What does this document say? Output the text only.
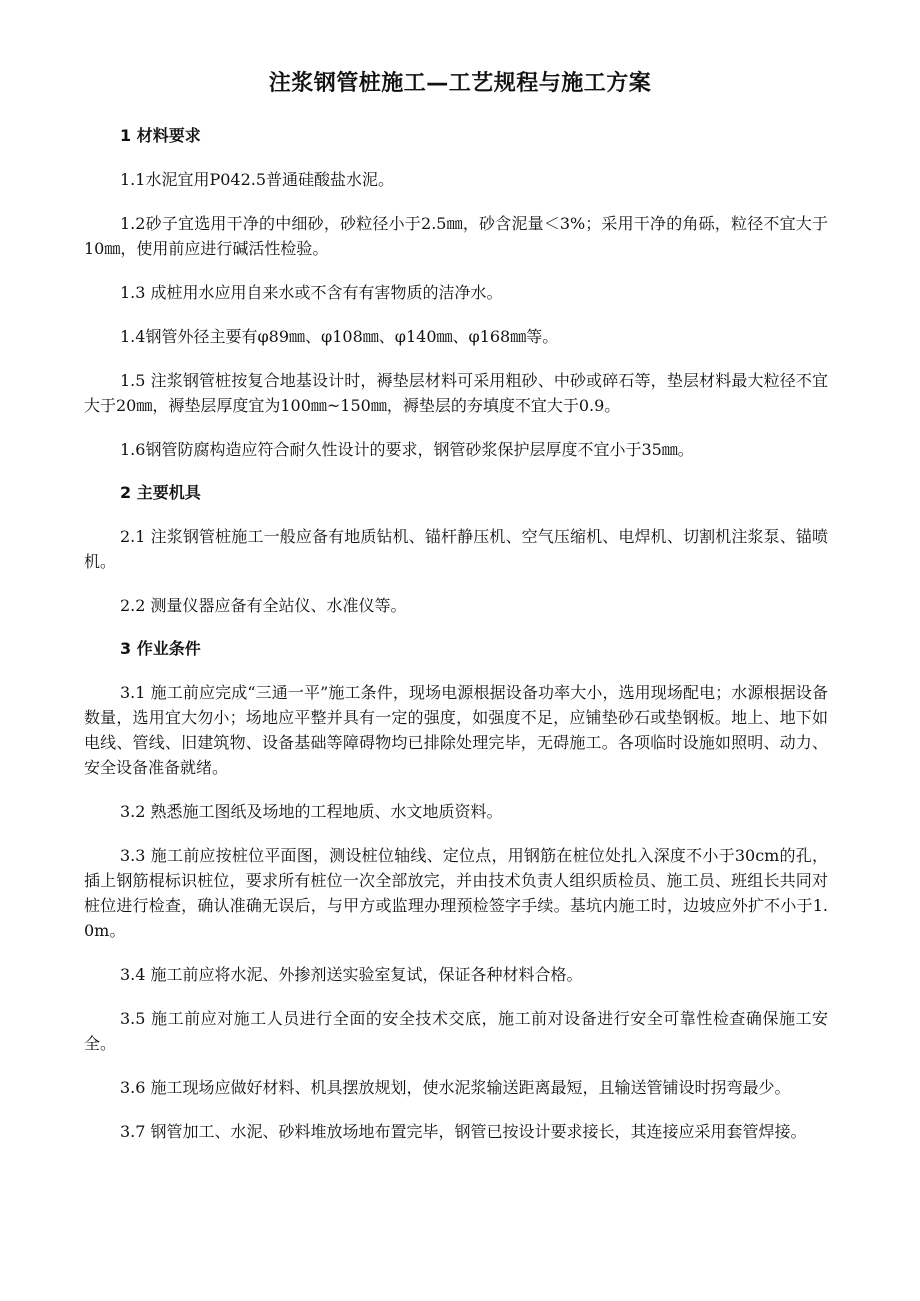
注浆钢管桩施工—工艺规程与施工方案

1 材料要求

1.1水泥宜用P042.5普通硅酸盐水泥。

1.2砂子宜选用干净的中细砂，砂粒径小于2.5㎜，砂含泥量＜3%；采用干净的角砾，粒径不宜大于10㎜，使用前应进行碱活性检验。

1.3 成桩用水应用自来水或不含有有害物质的洁净水。

1.4钢管外径主要有φ89㎜、φ108㎜、φ140㎜、φ168㎜等。

1.5 注浆钢管桩按复合地基设计时，褥垫层材料可采用粗砂、中砂或碎石等，垫层材料最大粒径不宜大于20㎜，褥垫层厚度宜为100㎜~150㎜，褥垫层的夯填度不宜大于0.9。

1.6钢管防腐构造应符合耐久性设计的要求，钢管砂浆保护层厚度不宜小于35㎜。

2 主要机具

2.1 注浆钢管桩施工一般应备有地质钻机、锚杆静压机、空气压缩机、电焊机、切割机注浆泵、锚喷机。

2.2 测量仪器应备有全站仪、水准仪等。

3 作业条件

3.1 施工前应完成“三通一平”施工条件，现场电源根据设备功率大小，选用现场配电；水源根据设备数量，选用宜大勿小；场地应平整并具有一定的强度，如强度不足，应铺垫砂石或垫钢板。地上、地下如电线、管线、旧建筑物、设备基础等障碍物均已排除处理完毕，无碍施工。各项临时设施如照明、动力、安全设备准备就绪。

3.2 熟悉施工图纸及场地的工程地质、水文地质资料。

3.3 施工前应按桩位平面图，测设桩位轴线、定位点，用钢筋在桩位处扎入深度不小于30cm的孔，插上钢筋棍标识桩位，要求所有桩位一次全部放完，并由技术负责人组织质检员、施工员、班组长共同对桩位进行检查，确认准确无误后，与甲方或监理办理预检签字手续。基坑内施工时，边坡应外扩不小于1.0m。

3.4 施工前应将水泥、外掺剂送实验室复试，保证各种材料合格。

3.5 施工前应对施工人员进行全面的安全技术交底，施工前对设备进行安全可靠性检查确保施工安全。

3.6 施工现场应做好材料、机具摆放规划，使水泥浆输送距离最短，且输送管铺设时拐弯最少。

3.7 钢管加工、水泥、砂料堆放场地布置完毕，钢管已按设计要求接长，其连接应采用套管焊接。
